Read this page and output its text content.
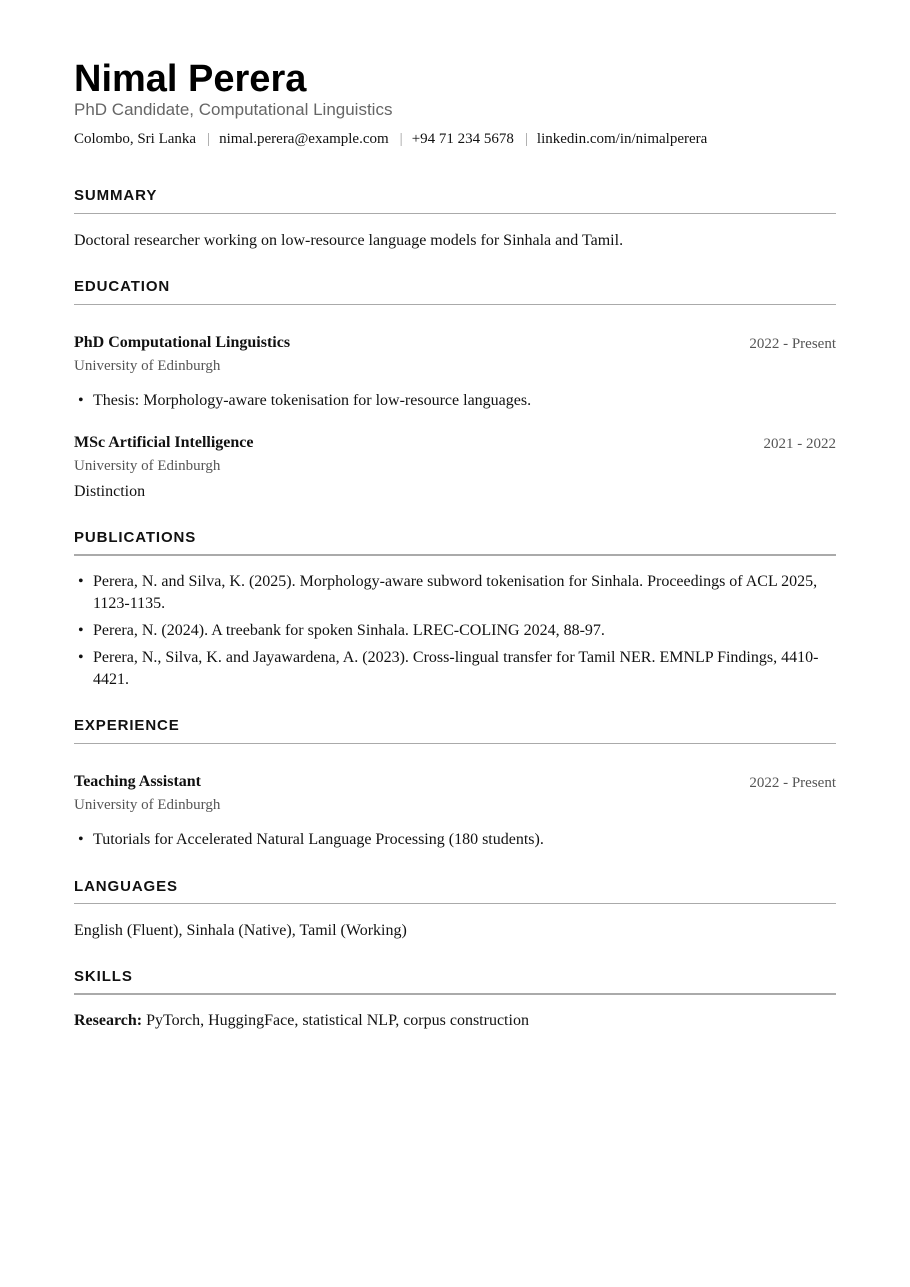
Nimal Perera
PhD Candidate, Computational Linguistics
Colombo, Sri Lanka | nimal.perera@example.com | +94 71 234 5678 | linkedin.com/in/nimalperera
SUMMARY
Doctoral researcher working on low-resource language models for Sinhala and Tamil.
EDUCATION
PhD Computational Linguistics	2022 - Present
University of Edinburgh
• Thesis: Morphology-aware tokenisation for low-resource languages.
MSc Artificial Intelligence	2021 - 2022
University of Edinburgh
Distinction
PUBLICATIONS
• Perera, N. and Silva, K. (2025). Morphology-aware subword tokenisation for Sinhala. Proceedings of ACL 2025, 1123-1135.
• Perera, N. (2024). A treebank for spoken Sinhala. LREC-COLING 2024, 88-97.
• Perera, N., Silva, K. and Jayawardena, A. (2023). Cross-lingual transfer for Tamil NER. EMNLP Findings, 4410-4421.
EXPERIENCE
Teaching Assistant	2022 - Present
University of Edinburgh
• Tutorials for Accelerated Natural Language Processing (180 students).
LANGUAGES
English (Fluent), Sinhala (Native), Tamil (Working)
SKILLS
Research: PyTorch, HuggingFace, statistical NLP, corpus construction
